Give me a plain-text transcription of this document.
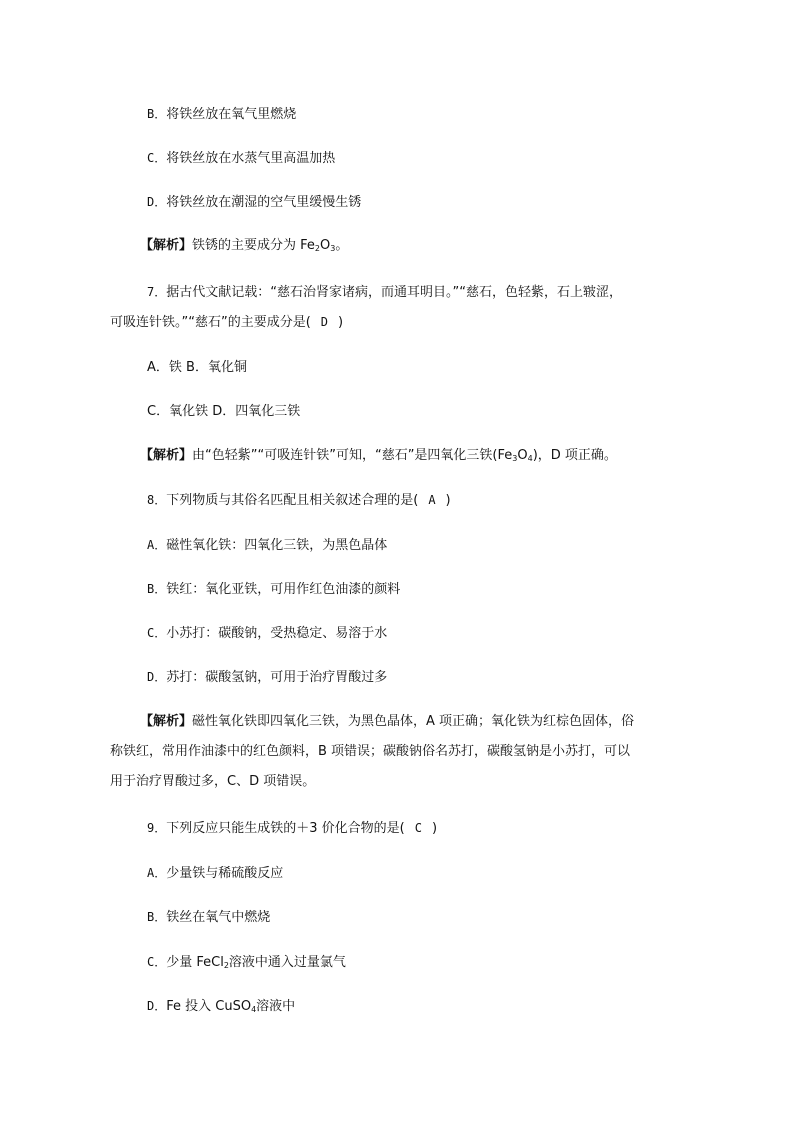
B．将铁丝放在氧气里燃烧
C．将铁丝放在水蒸气里高温加热
D．将铁丝放在潮湿的空气里缓慢生锈
【解析】铁锈的主要成分为 $Fe_2O_3$。
7．据古代文献记载：“慈石治肾家诸病，而通耳明目。”“慈石，色轻紫，石上皲涩，
可吸连针铁。”“慈石”的主要成分是( D )
A．铁 B．氧化铜
C．氧化铁 D．四氧化三铁
【解析】由“色轻紫”“可吸连针铁”可知，“慈石”是四氧化三铁$(Fe_3O_4)$，D 项正确。
8．下列物质与其俗名匹配且相关叙述合理的是( A )
A．磁性氧化铁：四氧化三铁，为黑色晶体
B．铁红：氧化亚铁，可用作红色油漆的颜料
C．小苏打：碳酸钠，受热稳定、易溶于水
D．苏打：碳酸氢钠，可用于治疗胃酸过多
【解析】磁性氧化铁即四氧化三铁，为黑色晶体，A 项正确；氧化铁为红棕色固体，俗
称铁红，常用作油漆中的红色颜料，B 项错误；碳酸钠俗名苏打，碳酸氢钠是小苏打，可以
用于治疗胃酸过多，C、D 项错误。
9．下列反应只能生成铁的＋3 价化合物的是( C )
A．少量铁与稀硫酸反应
B．铁丝在氧气中燃烧
C．少量 FeCl$_2$溶液中通入过量氯气
D．Fe 投入 CuSO$_4$溶液中
